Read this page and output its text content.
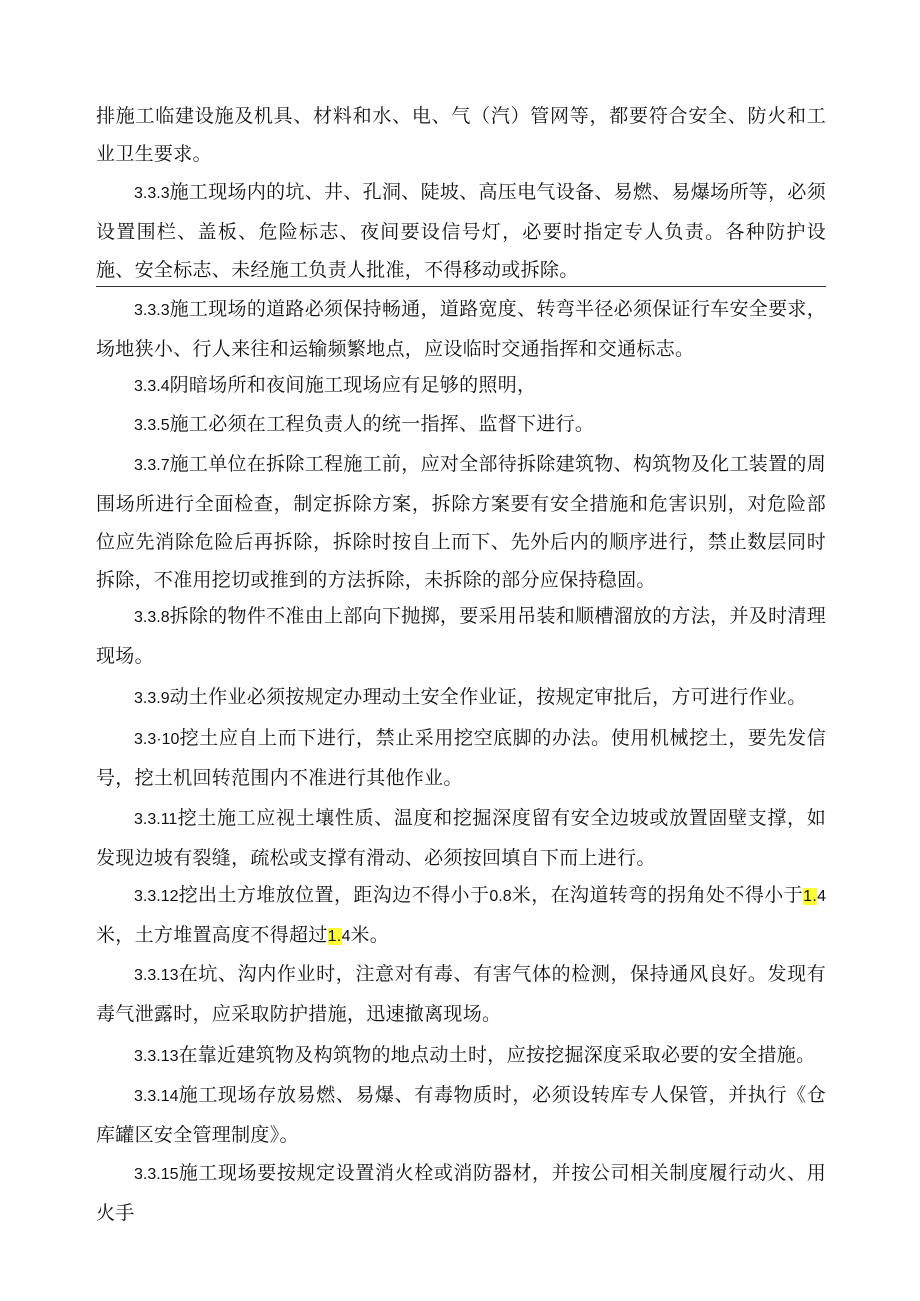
排施工临建设施及机具、材料和水、电、气（汽）管网等，都要符合安全、防火和工业卫生要求。

3.3.3施工现场内的坑、井、孔洞、陡坡、高压电气设备、易燃、易爆场所等，必须设置围栏、盖板、危险标志、夜间要设信号灯，必要时指定专人负责。各种防护设施、安全标志、未经施工负责人批准，不得移动或拆除。

3.3.3施工现场的道路必须保持畅通，道路宽度、转弯半径必须保证行车安全要求，场地狭小、行人来往和运输频繁地点，应设临时交通指挥和交通标志。

3.3.4阴暗场所和夜间施工现场应有足够的照明，

3.3.5施工必须在工程负责人的统一指挥、监督下进行。

3.3.7施工单位在拆除工程施工前，应对全部待拆除建筑物、构筑物及化工装置的周围场所进行全面检查，制定拆除方案，拆除方案要有安全措施和危害识别，对危险部位应先消除危险后再拆除，拆除时按自上而下、先外后内的顺序进行，禁止数层同时拆除，不准用挖切或推到的方法拆除，未拆除的部分应保持稳固。

3.3.8拆除的物件不准由上部向下抛掷，要采用吊装和顺槽溜放的方法，并及时清理现场。

3.3.9动土作业必须按规定办理动土安全作业证，按规定审批后，方可进行作业。

3.3·10挖土应自上而下进行，禁止采用挖空底脚的办法。使用机械挖土，要先发信号，挖土机回转范围内不准进行其他作业。

3.3.11挖土施工应视土壤性质、温度和挖掘深度留有安全边坡或放置固壁支撑，如发现边坡有裂缝，疏松或支撑有滑动、必须按回填自下而上进行。

3.3.12挖出土方堆放位置，距沟边不得小于0.8米，在沟道转弯的拐角处不得小于1.4米，土方堆置高度不得超过1.4米。

3.3.13在坑、沟内作业时，注意对有毒、有害气体的检测，保持通风良好。发现有毒气泄露时，应采取防护措施，迅速撤离现场。

3.3.13在靠近建筑物及构筑物的地点动土时，应按挖掘深度采取必要的安全措施。

3.3.14施工现场存放易燃、易爆、有毒物质时，必须设转库专人保管，并执行《仓库罐区安全管理制度》。

3.3.15施工现场要按规定设置消火栓或消防器材，并按公司相关制度履行动火、用火手
